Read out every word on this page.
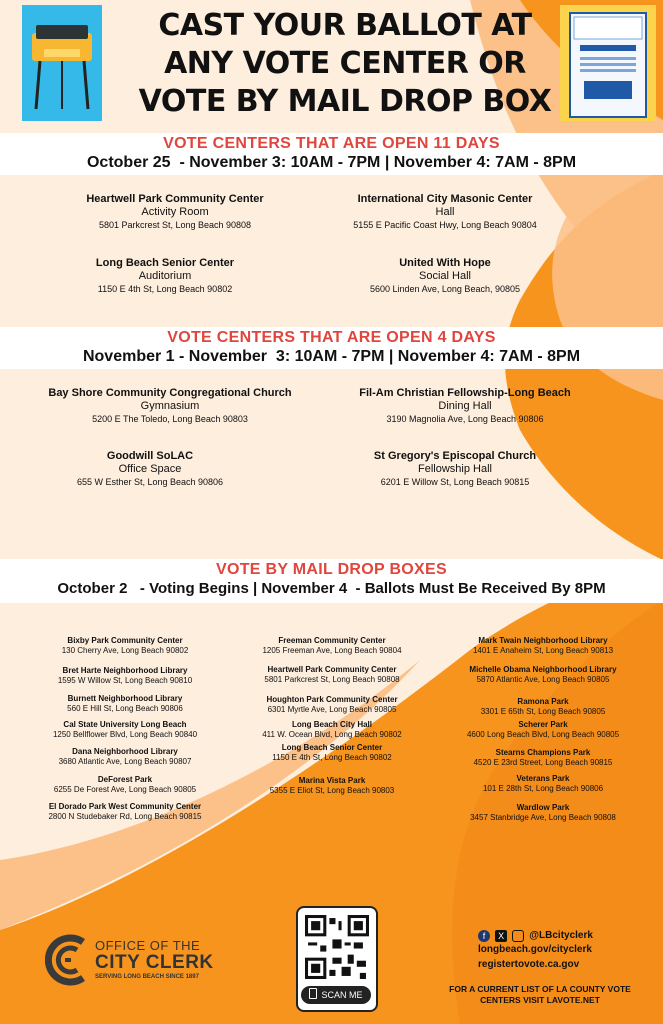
CAST YOUR BALLOT AT
ANY VOTE CENTER OR
VOTE BY MAIL DROP BOX
VOTE CENTERS THAT ARE OPEN 11 DAYS
October 25  - November 3: 10AM - 7PM | November 4: 7AM - 8PM
Heartwell Park Community Center
Activity Room
5801 Parkcrest St, Long Beach 90808
International City Masonic Center
Hall
5155 E Pacific Coast Hwy, Long Beach 90804
Long Beach Senior Center
Auditorium
1150 E 4th St, Long Beach 90802
United With Hope
Social Hall
5600 Linden Ave, Long Beach, 90805
VOTE CENTERS THAT ARE OPEN 4 DAYS
November 1 - November  3: 10AM - 7PM | November 4: 7AM - 8PM
Bay Shore Community Congregational Church
Gymnasium
5200 E The Toledo, Long Beach 90803
Fil-Am Christian Fellowship-Long Beach
Dining Hall
3190 Magnolia Ave, Long Beach 90806
Goodwill SoLAC
Office Space
655 W Esther St, Long Beach 90806
St Gregory's Episcopal Church
Fellowship Hall
6201 E Willow St, Long Beach 90815
VOTE BY MAIL DROP BOXES
October 2   - Voting Begins | November 4  - Ballots Must Be Received By 8PM
Bixby Park Community Center
130 Cherry Ave, Long Beach 90802
Bret Harte Neighborhood Library
1595 W Willow St, Long Beach 90810
Burnett Neighborhood Library
560 E Hill St, Long Beach 90806
Cal State University Long Beach
1250 Bellflower Blvd, Long Beach 90840
Dana Neighborhood Library
3680 Atlantic Ave, Long Beach 90807
DeForest Park
6255 De Forest Ave, Long Beach 90805
El Dorado Park West Community Center
2800 N Studebaker Rd, Long Beach 90815
Freeman Community Center
1205 Freeman Ave, Long Beach 90804
Heartwell Park Community Center
5801 Parkcrest St, Long Beach 90808
Houghton Park Community Center
6301 Myrtle Ave, Long Beach 90805
Long Beach City Hall
411 W. Ocean Blvd, Long Beach 90802
Long Beach Senior Center
1150 E 4th St, Long Beach 90802
Marina Vista Park
5355 E Eliot St, Long Beach 90803
Mark Twain Neighborhood Library
1401 E Anaheim St, Long Beach 90813
Michelle Obama Neighborhood Library
5870 Atlantic Ave, Long Beach 90805
Ramona Park
3301 E 65th St, Long Beach 90805
Scherer Park
4600 Long Beach Blvd, Long Beach 90805
Stearns Champions Park
4520 E 23rd Street, Long Beach 90815
Veterans Park
101 E 28th St, Long Beach 90806
Wardlow Park
3457 Stanbridge Ave, Long Beach 90808
OFFICE OF THE
CITY CLERK
SERVING LONG BEACH SINCE 1897
SCAN ME
f X	@LBcityclerk
longbeach.gov/cityclerk
registertovote.ca.gov
FOR A CURRENT LIST OF LA COUNTY VOTE
CENTERS VISIT LAVOTE.NET
